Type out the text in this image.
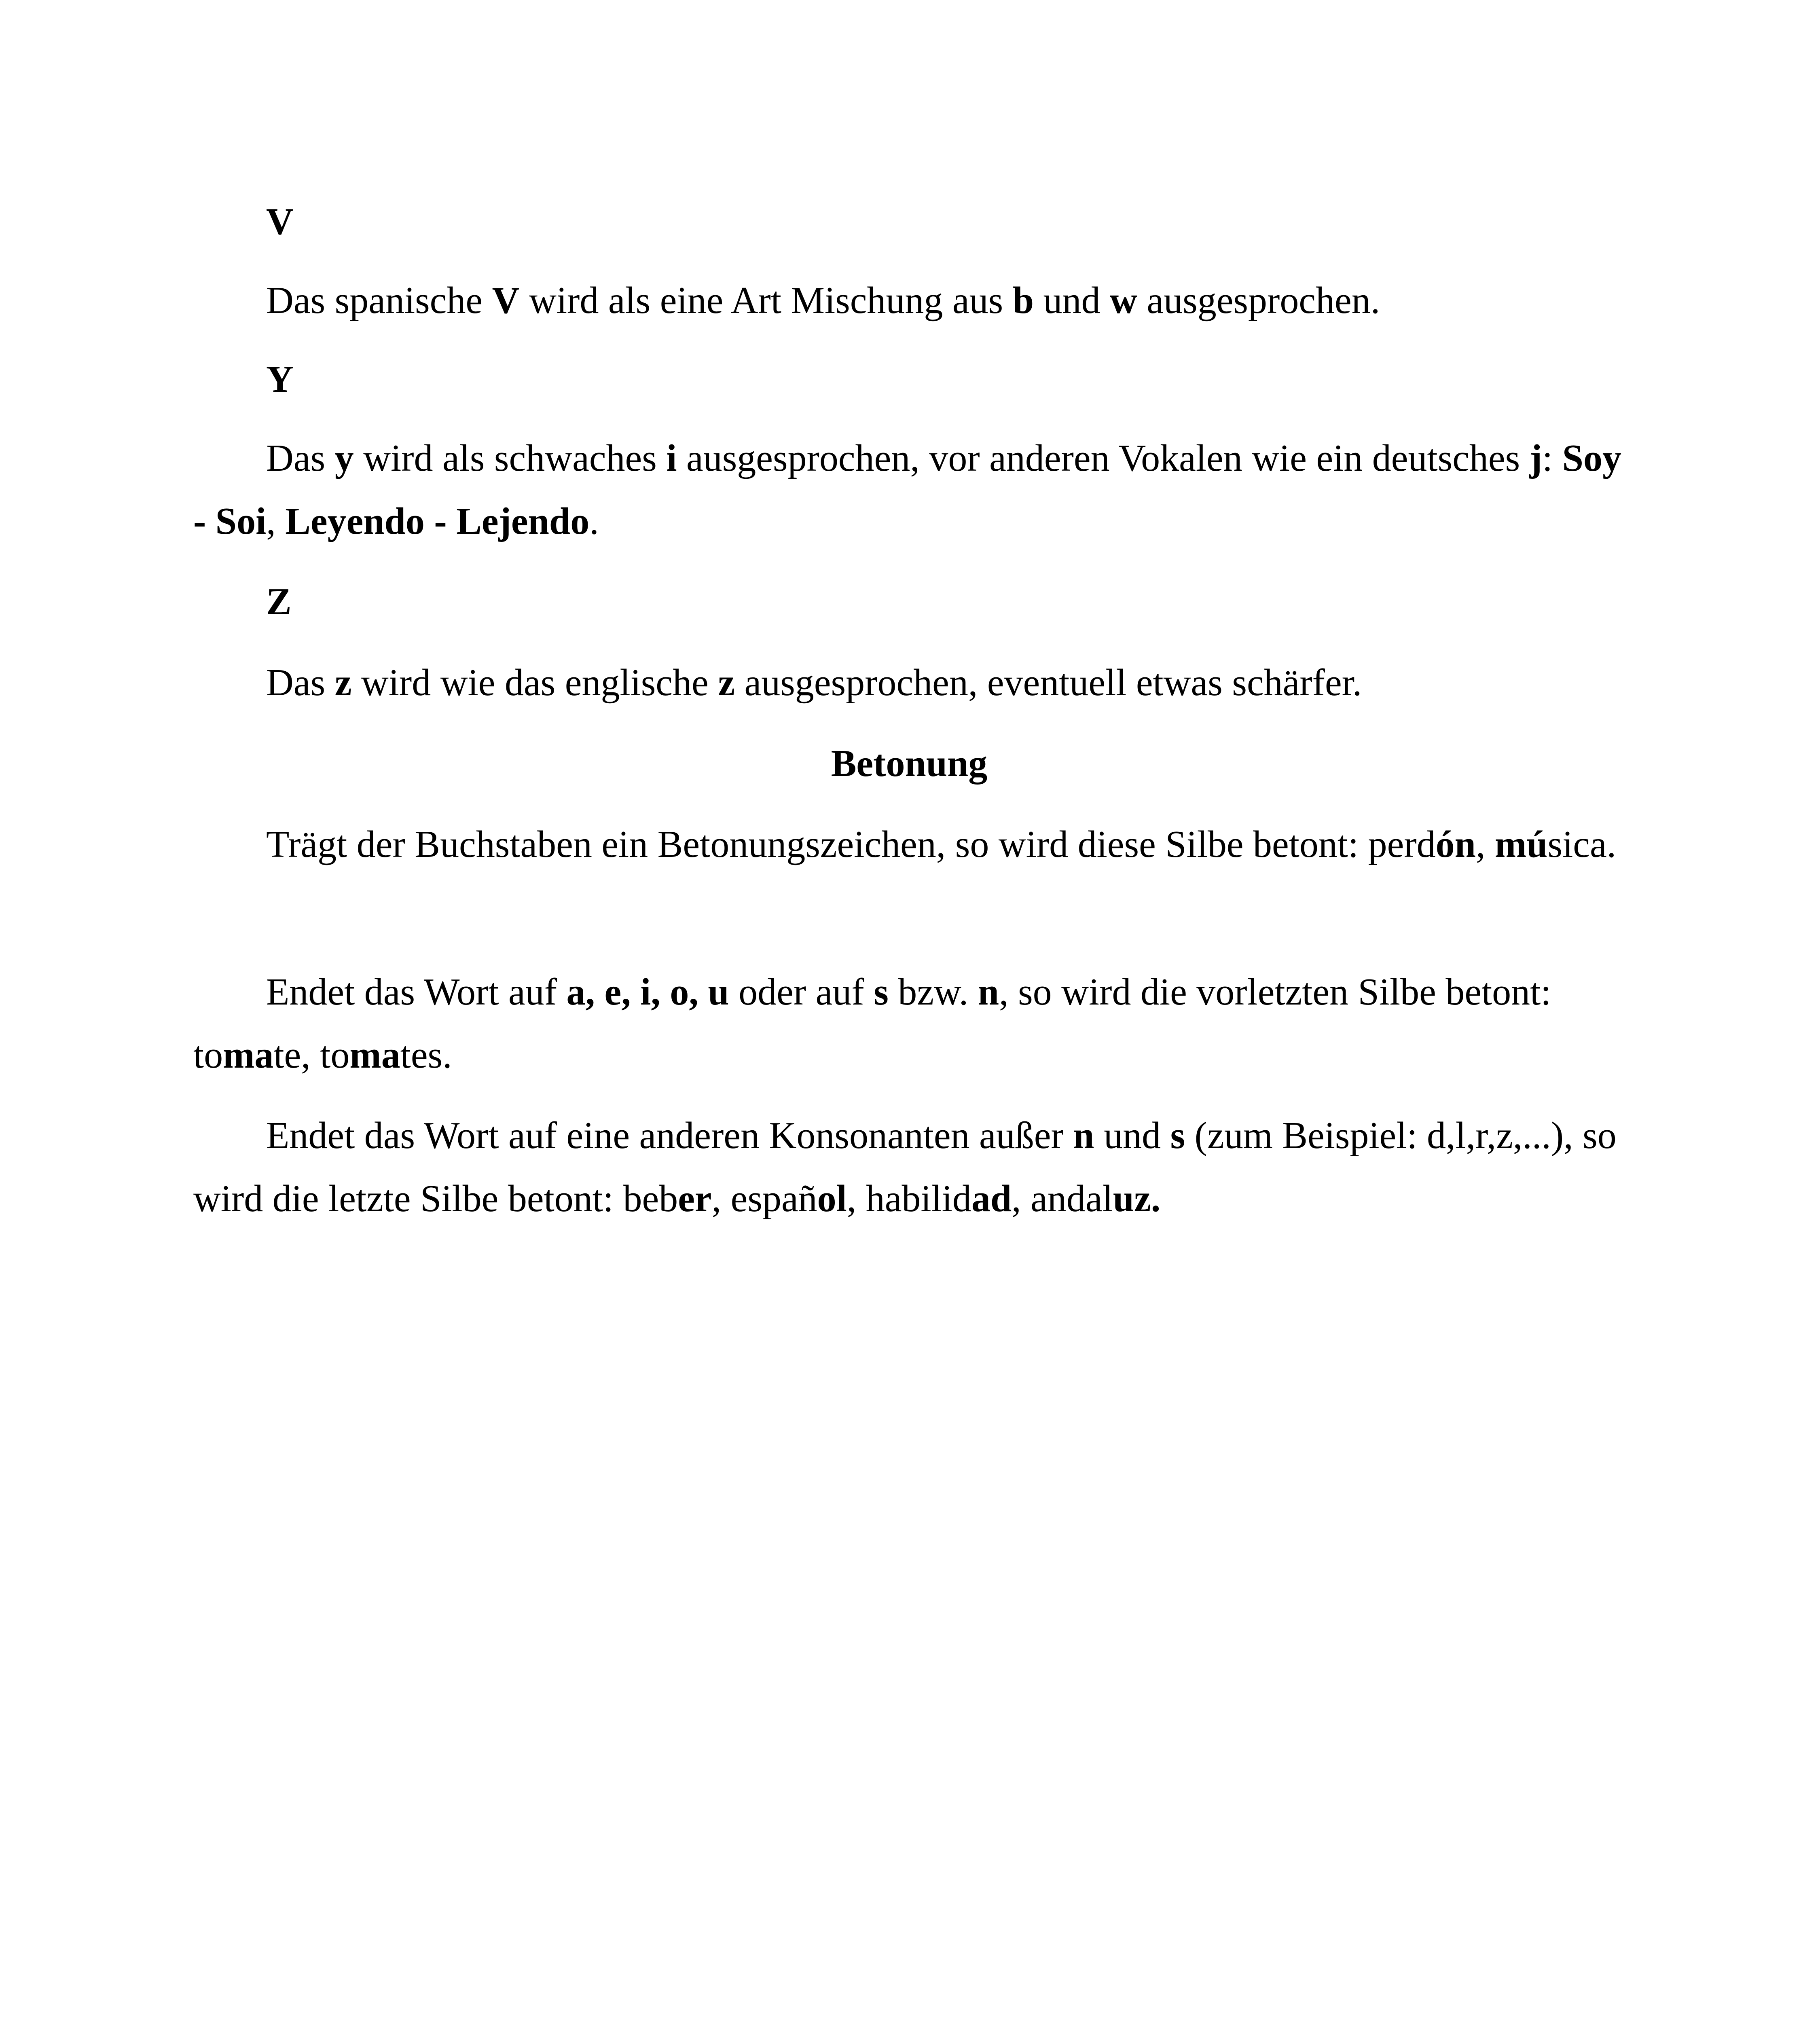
V

Das spanische V wird als eine Art Mischung aus b und w ausgesprochen.

Y

Das y wird als schwaches i ausgesprochen, vor anderen Vokalen wie ein deutsches j: Soy - Soi, Leyendo - Lejendo.

Z

Das z wird wie das englische z ausgesprochen, eventuell etwas schärfer.

Betonung

Trägt der Buchstaben ein Betonungszeichen, so wird diese Silbe betont: perdón, música.

Endet das Wort auf a, e, i, o, u oder auf s bzw. n, so wird die vorletzten Silbe betont: tomate, tomates.

Endet das Wort auf eine anderen Konsonanten außer n und s (zum Beispiel: d,l,r,z,...), so wird die letzte Silbe betont: beber, español, habilidad, andaluz.
